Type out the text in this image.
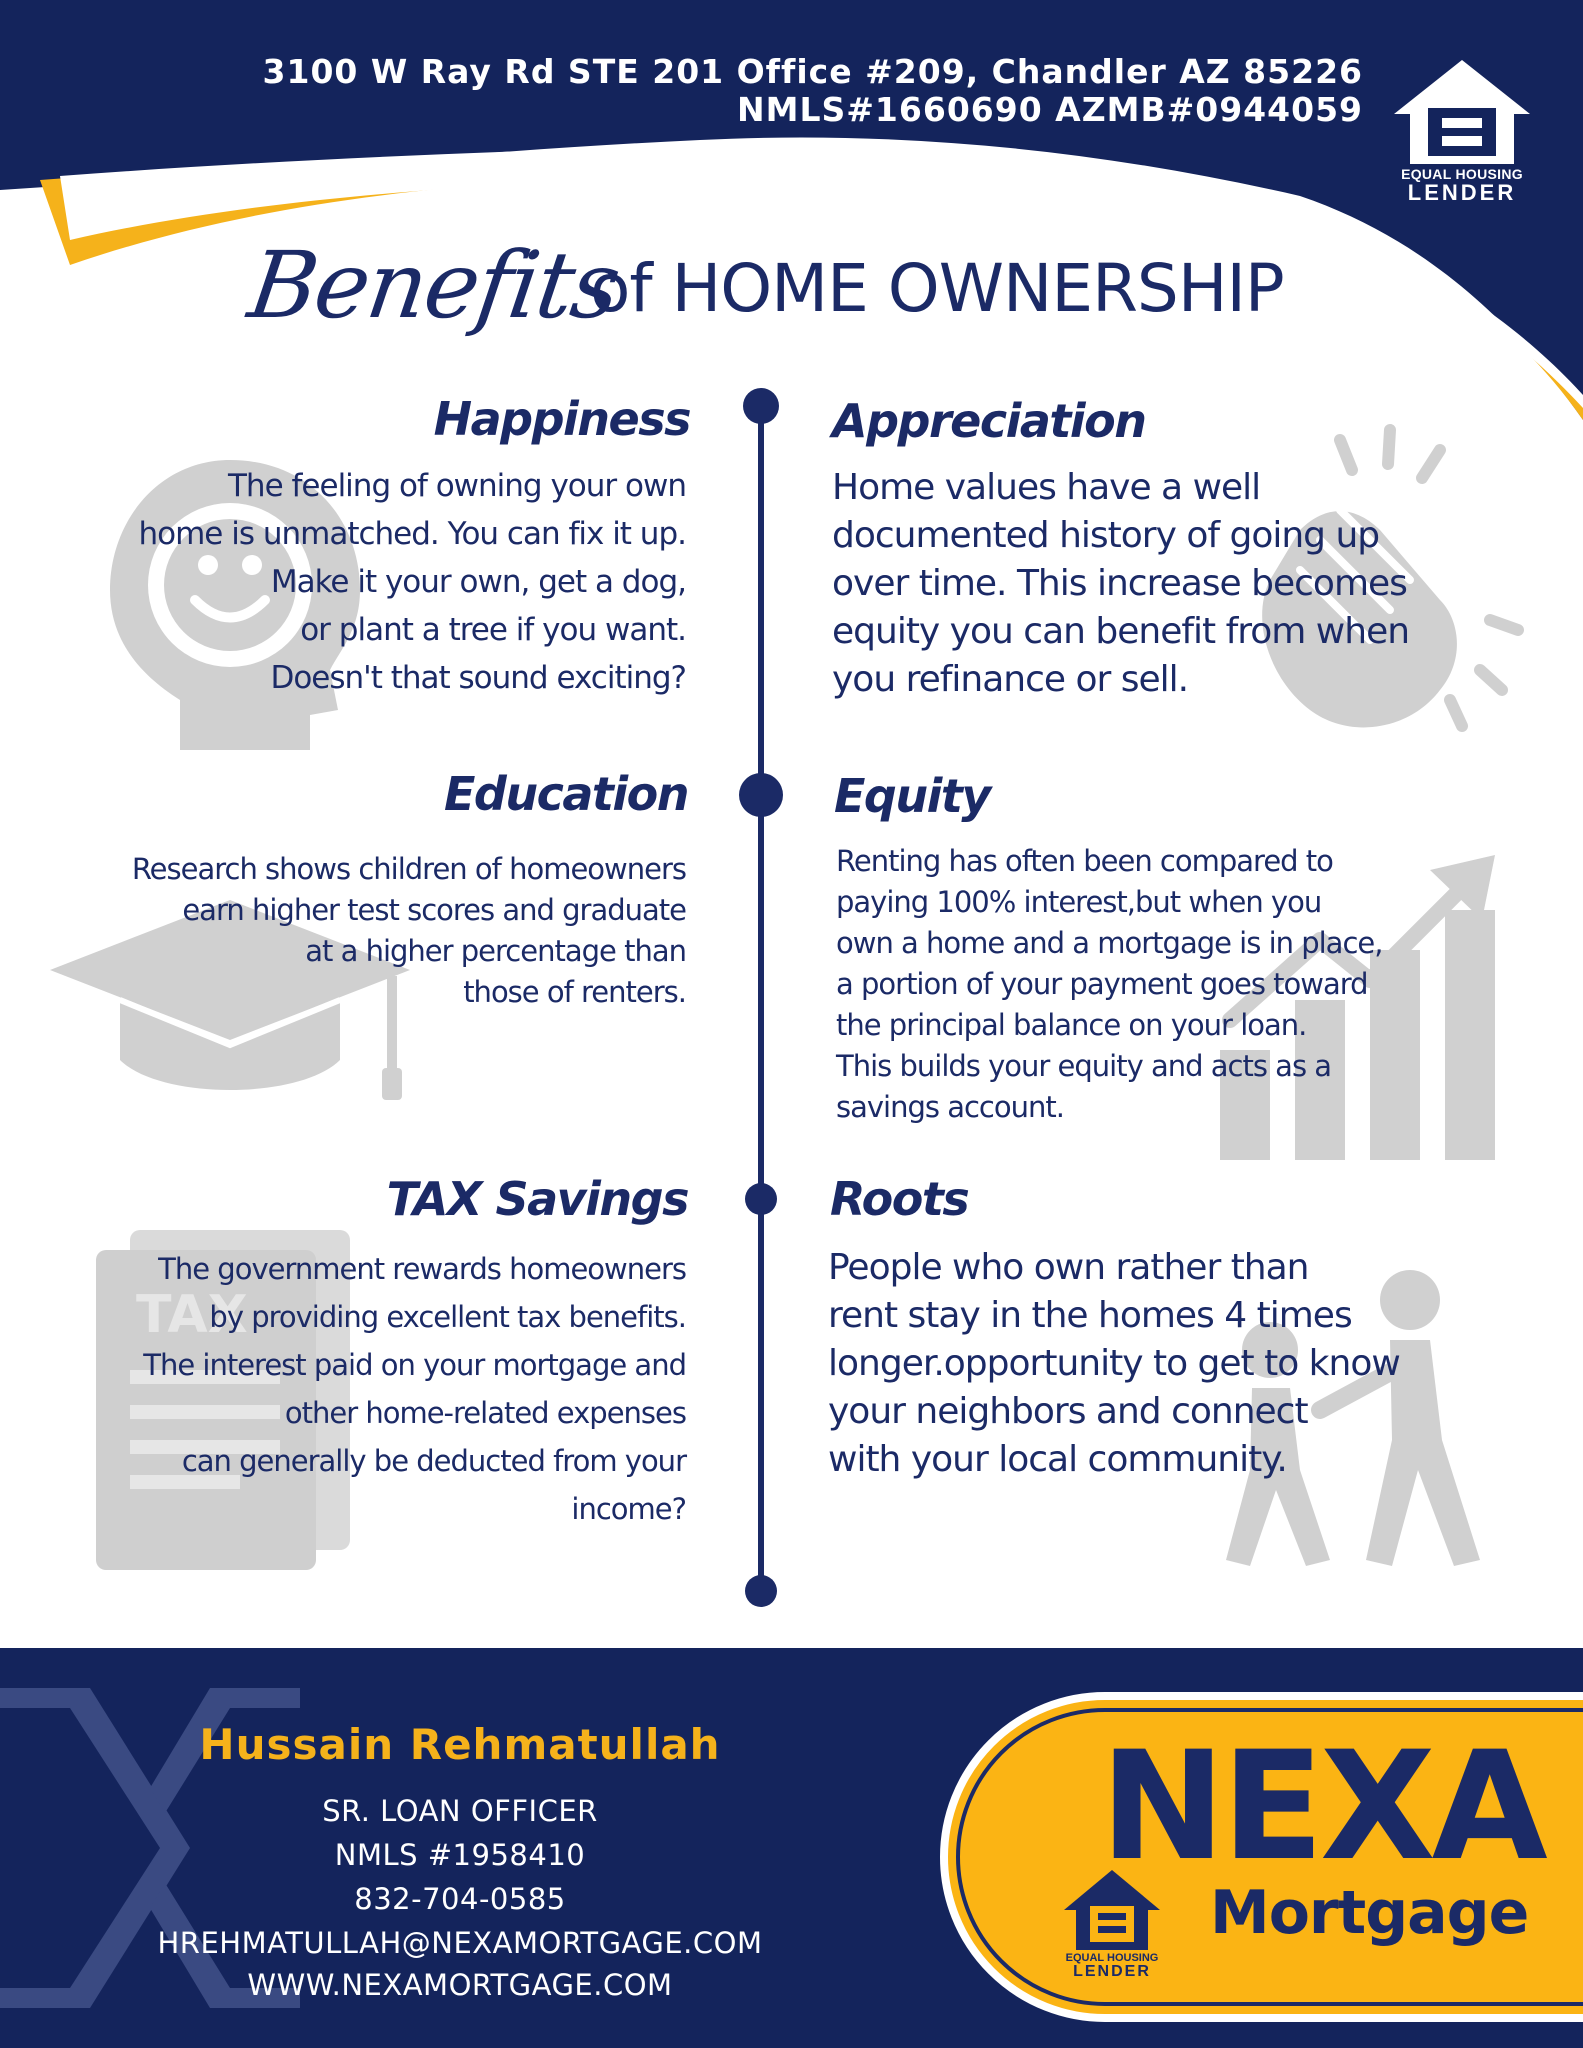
3100 W Ray Rd STE 201 Office #209, Chandler AZ 85226
NMLS#1660690 AZMB#0944059
EQUAL HOUSING
LENDER
Benefits
of HOME OWNERSHIP
TAX
Happiness
The feeling of owning your own
home is unmatched. You can fix it up.
Make it your own, get a dog,
or plant a tree if you want.
Doesn't that sound exciting?
Appreciation
Home values have a well
documented history of going up
over time. This increase becomes
equity you can benefit from when
you refinance or sell.
Education
Research shows children of homeowners
earn higher test scores and graduate
at a higher percentage than
those of renters.
Equity
Renting has often been compared to
paying 100% interest,but when you
own a home and a mortgage is in place,
a portion of your payment goes toward
the principal balance on your loan.
This builds your equity and acts as a
savings account.
TAX Savings
The government rewards homeowners
by providing excellent tax benefits.
The interest paid on your mortgage and
other home-related expenses
can generally be deducted from your
income?
Roots
People who own rather than
rent stay in the homes 4 times
longer.opportunity to get to know
your neighbors and connect
with your local community.
Hussain Rehmatullah
SR. LOAN OFFICER
NMLS #1958410
832-704-0585
HREHMATULLAH@NEXAMORTGAGE.COM
WWW.NEXAMORTGAGE.COM
NEXA
Mortgage
EQUAL HOUSING
LENDER
